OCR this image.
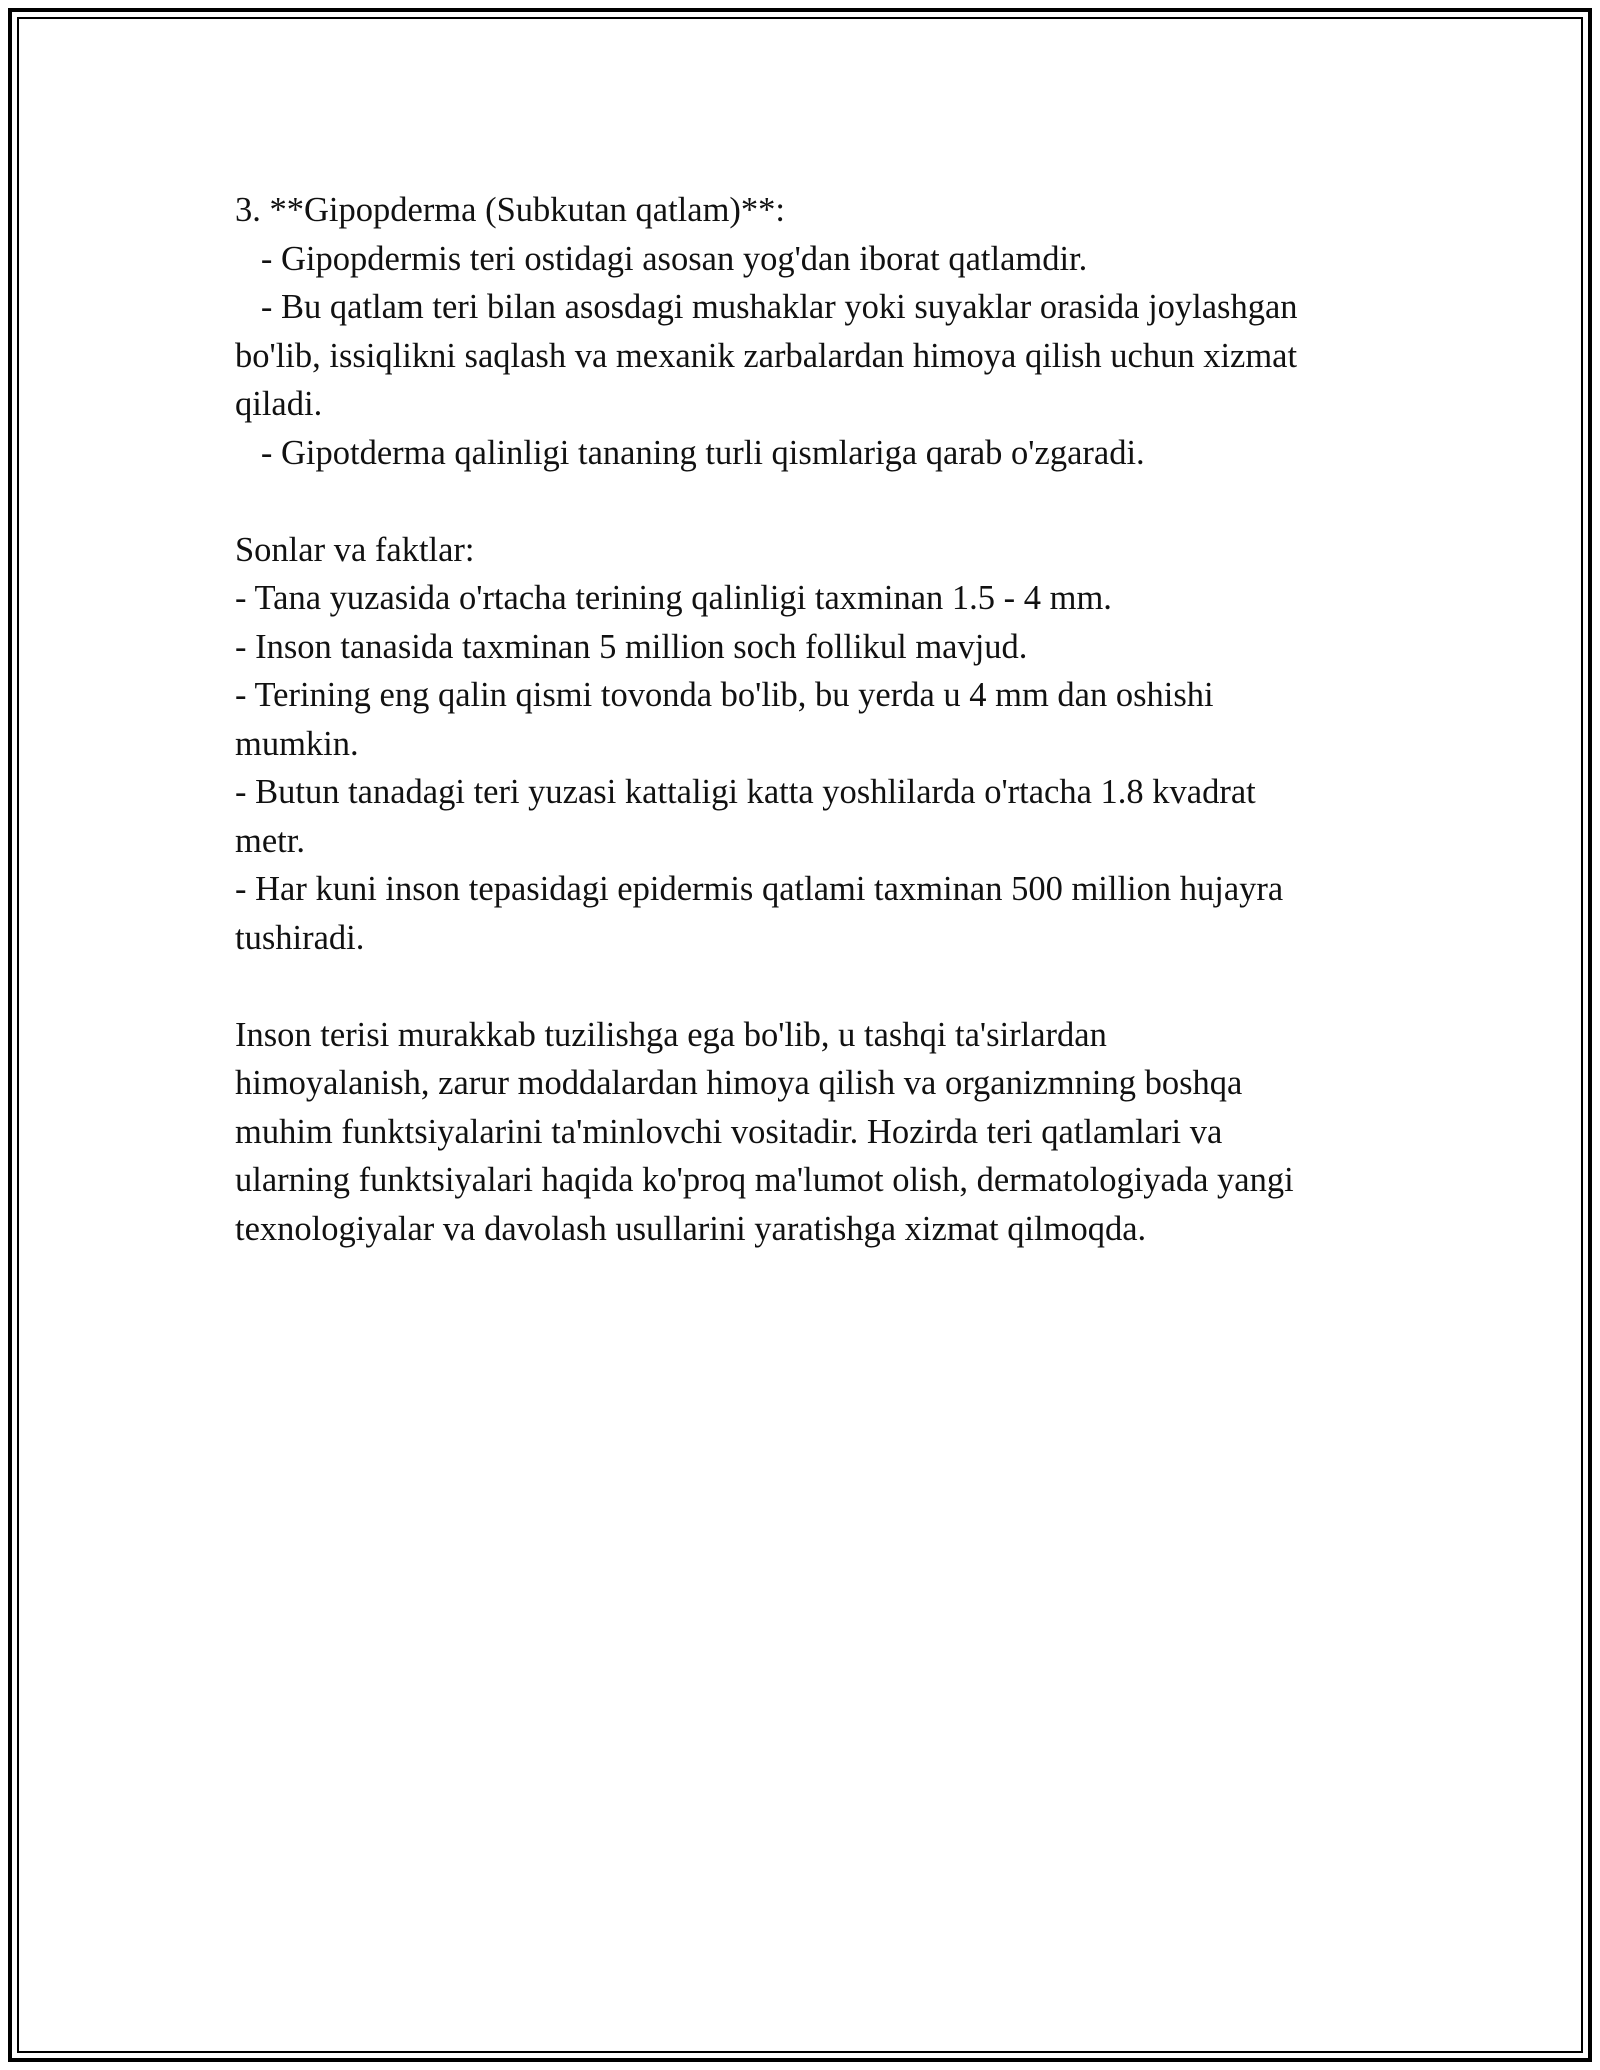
3. **Gipopderma (Subkutan qatlam)**:

- Gipopdermis teri ostidagi asosan yog'dan iborat qatlamdir.

- Bu qatlam teri bilan asosdagi mushaklar yoki suyaklar orasida joylashgan

bo'lib, issiqlikni saqlash va mexanik zarbalardan himoya qilish uchun xizmat

qiladi.

- Gipotderma qalinligi tananing turli qismlariga qarab o'zgaradi.

Sonlar va faktlar:

- Tana yuzasida o'rtacha terining qalinligi taxminan 1.5 - 4 mm.

- Inson tanasida taxminan 5 million soch follikul mavjud.

- Terining eng qalin qismi tovonda bo'lib, bu yerda u 4 mm dan oshishi

mumkin.

- Butun tanadagi teri yuzasi kattaligi katta yoshlilarda o'rtacha 1.8 kvadrat

metr.

- Har kuni inson tepasidagi epidermis qatlami taxminan 500 million hujayra

tushiradi.

Inson terisi murakkab tuzilishga ega bo'lib, u tashqi ta'sirlardan

himoyalanish, zarur moddalardan himoya qilish va organizmning boshqa

muhim funktsiyalarini ta'minlovchi vositadir. Hozirda teri qatlamlari va

ularning funktsiyalari haqida ko'proq ma'lumot olish, dermatologiyada yangi

texnologiyalar va davolash usullarini yaratishga xizmat qilmoqda.
